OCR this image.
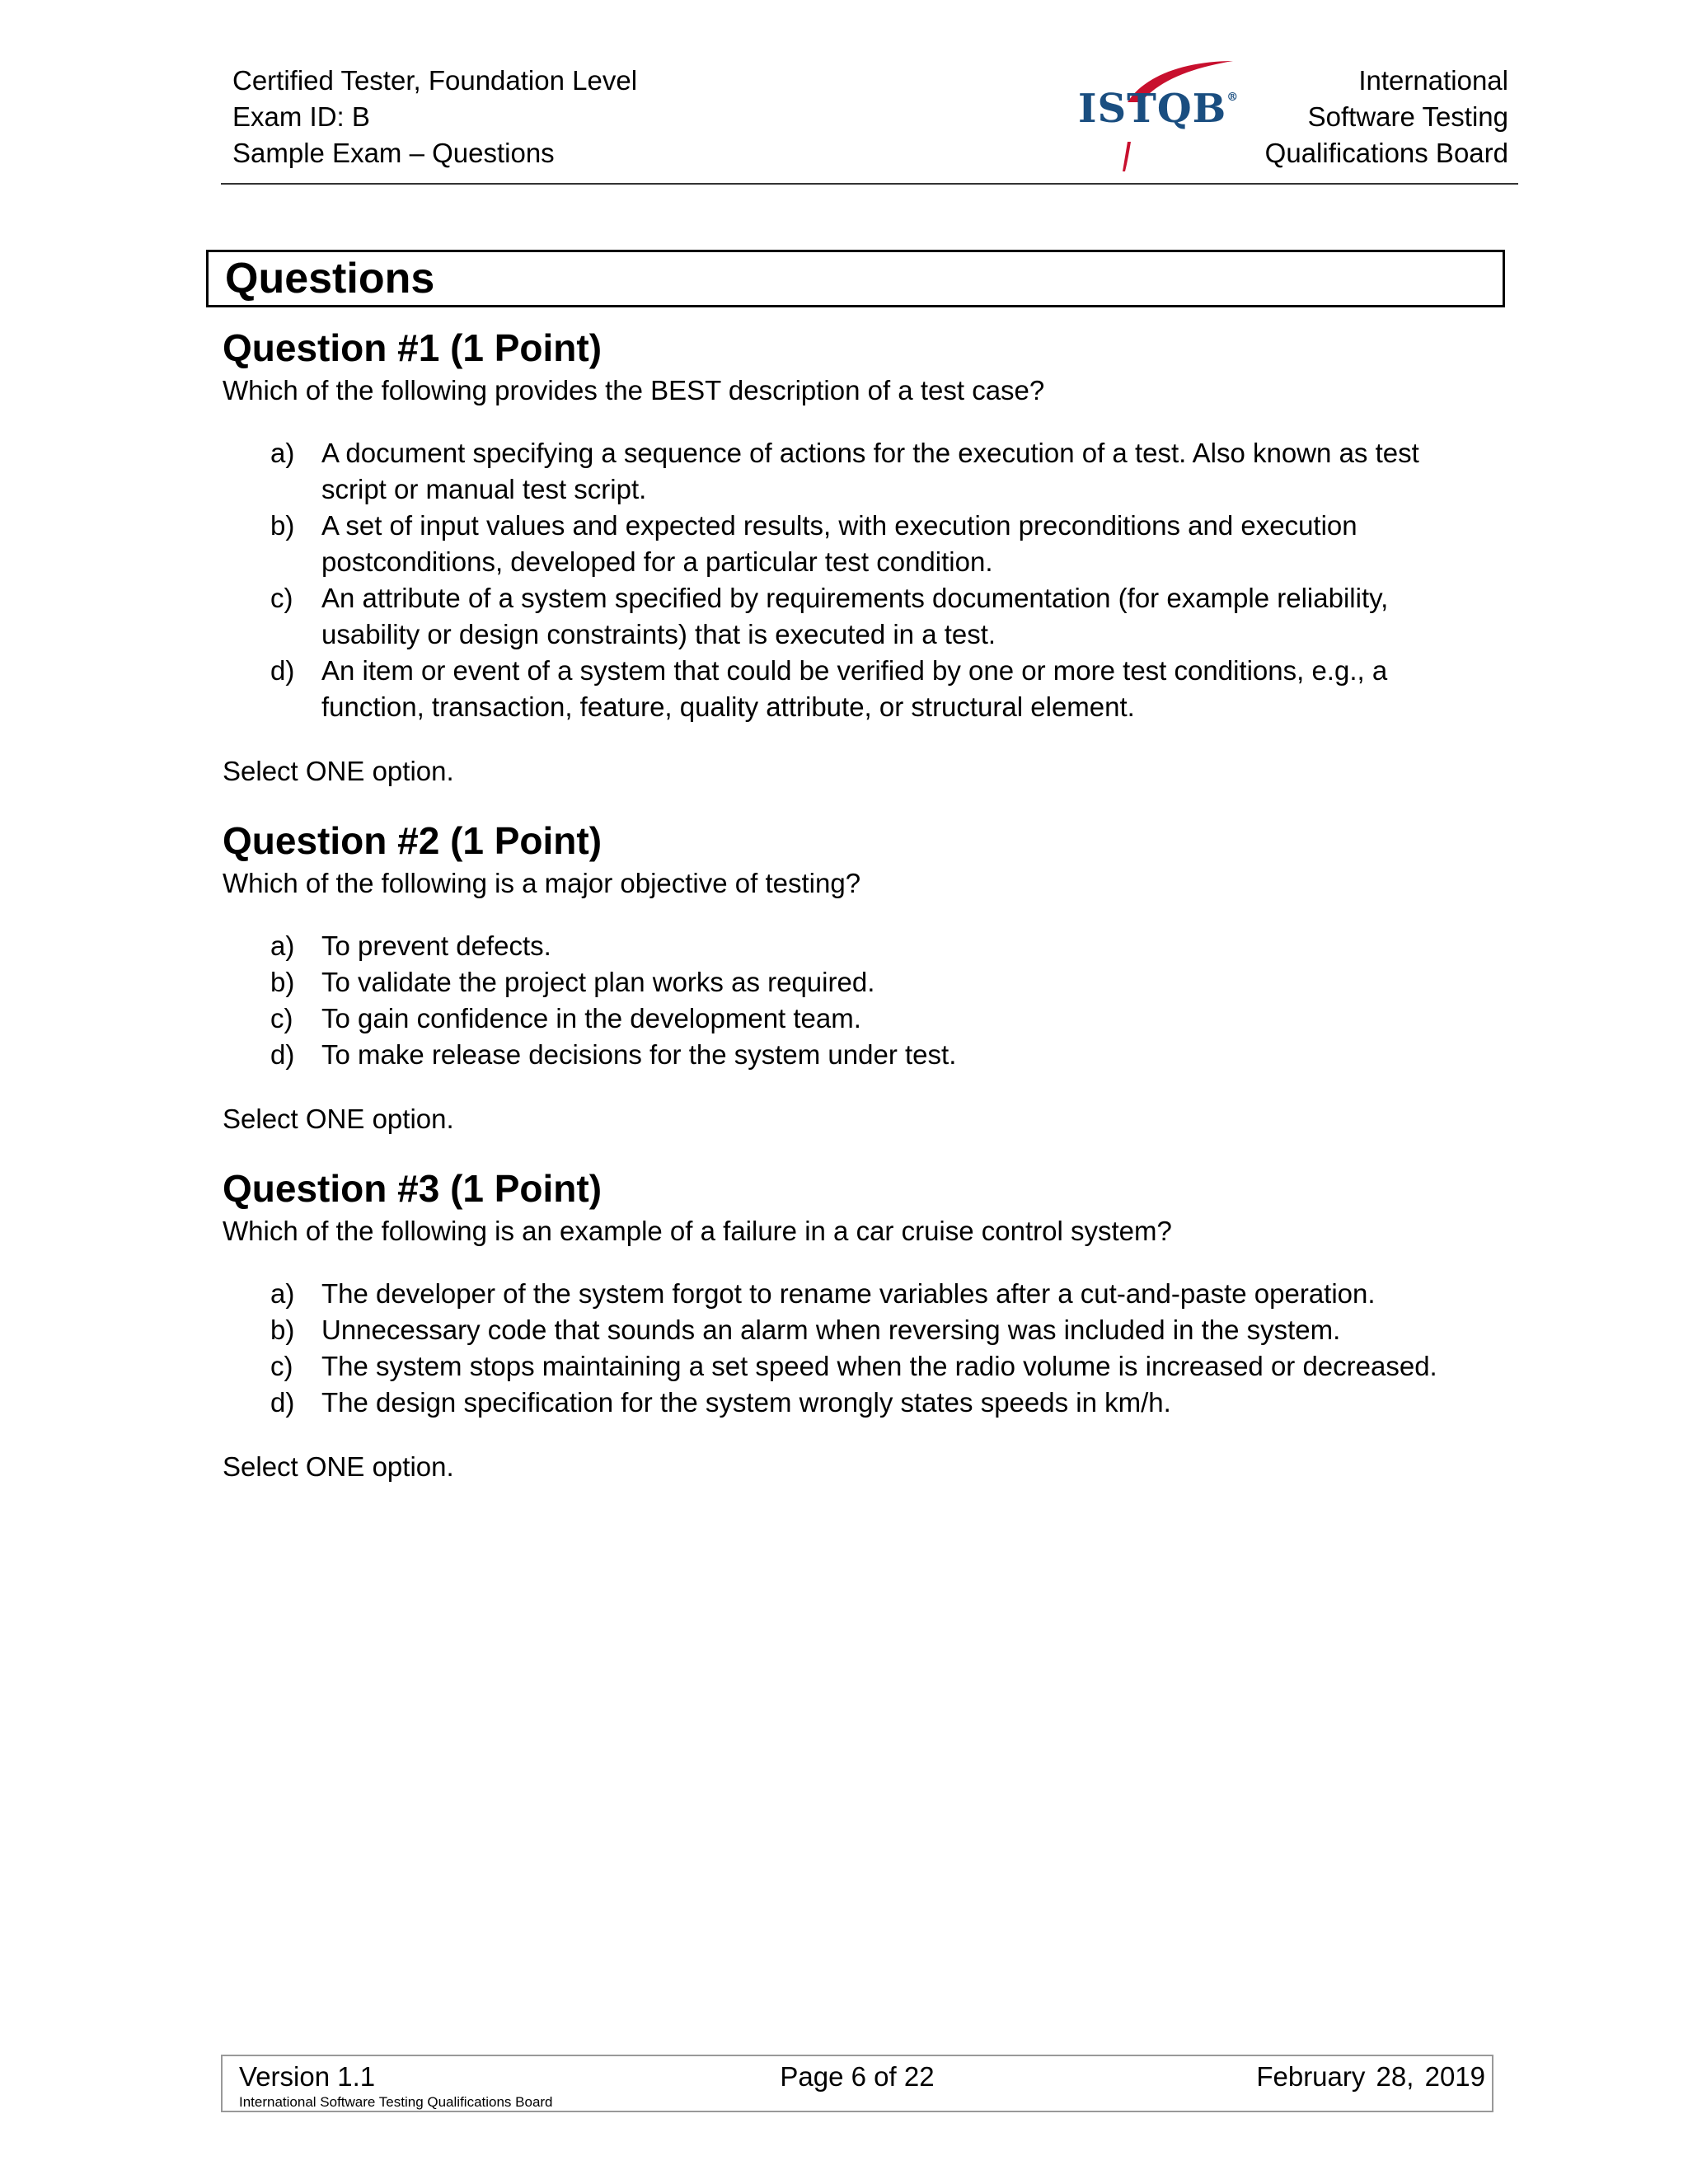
Certified Tester, Foundation Level
Exam ID: B
Sample Exam – Questions
ISTQB®
International
Software Testing
Qualifications Board
Questions
Question #1 (1 Point)

Which of the following provides the BEST description of a test case?

a) A document specifying a sequence of actions for the execution of a test. Also known as test
script or manual test script.
b) A set of input values and expected results, with execution preconditions and execution
postconditions, developed for a particular test condition.
c) An attribute of a system specified by requirements documentation (for example reliability,
usability or design constraints) that is executed in a test.
d) An item or event of a system that could be verified by one or more test conditions, e.g., a
function, transaction, feature, quality attribute, or structural element.

Select ONE option.

Question #2 (1 Point)

Which of the following is a major objective of testing?

a) To prevent defects.
b) To validate the project plan works as required.
c) To gain confidence in the development team.
d) To make release decisions for the system under test.

Select ONE option.

Question #3 (1 Point)

Which of the following is an example of a failure in a car cruise control system?

a) The developer of the system forgot to rename variables after a cut-and-paste operation.
b) Unnecessary code that sounds an alarm when reversing was included in the system.
c) The system stops maintaining a set speed when the radio volume is increased or decreased.
d) The design specification for the system wrongly states speeds in km/h.

Select ONE option.

Page 6 of 22
Version 1.1
International Software Testing Qualifications Board
February 28, 2019
